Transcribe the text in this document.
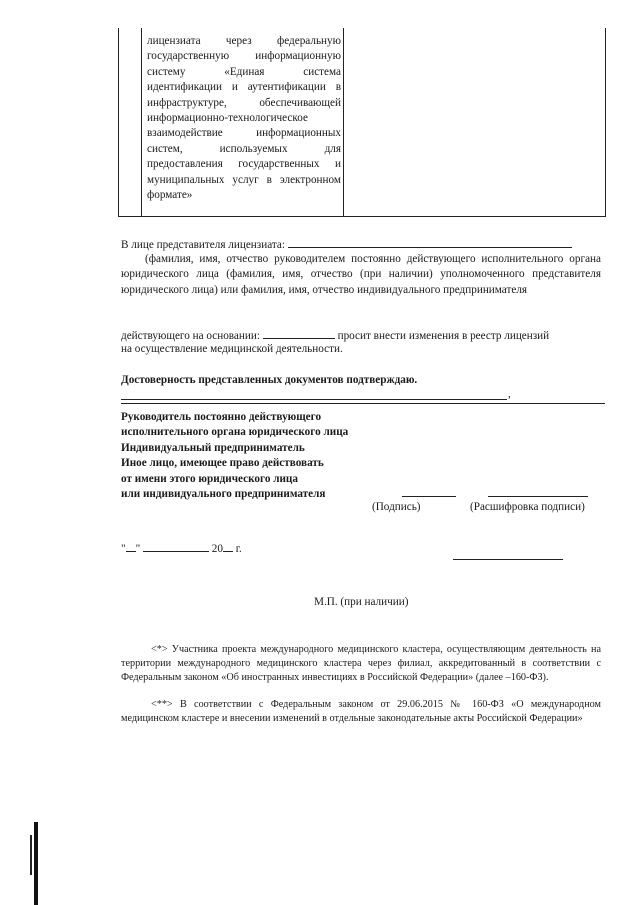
лицензиата через федеральную государственную информационную систему «Единая система идентификации и аутентификации в инфраструктуре, обеспечивающей информационно-технологическое взаимодействие информационных систем, используемых для предоставления государственных и муниципальных услуг в электронном формате»
В лице представителя лицензиата:
(фамилия, имя, отчество руководителем постоянно действующего исполнительного органа юридического лица (фамилия, имя, отчество (при наличии) уполномоченного представителя юридического лица) или фамилия, имя, отчество индивидуального предпринимателя
действующего на основании:	просит внести изменения в реестр лицензий
на осуществление медицинской деятельности.
Достоверность представленных документов подтверждаю.
,
Руководитель постоянно действующего
исполнительного органа юридического лица
Индивидуальный предприниматель
Иное лицо, имеющее право действовать
от имени этого юридического лица
или индивидуального предпринимателя
(Подпись)	(Расшифровка подписи)
" "	20 г.
М.П. (при наличии)
<*> Участника проекта международного медицинского кластера, осуществляющим деятельность на территории международного медицинского кластера через филиал, аккредитованный в соответствии с Федеральным законом «Об иностранных инвестициях в Российской Федерации» (далее –160-ФЗ).
<**> В соответствии с Федеральным законом от 29.06.2015 № 160-ФЗ «О международном медицинском кластере и внесении изменений в отдельные законодательные акты Российской Федерации»
